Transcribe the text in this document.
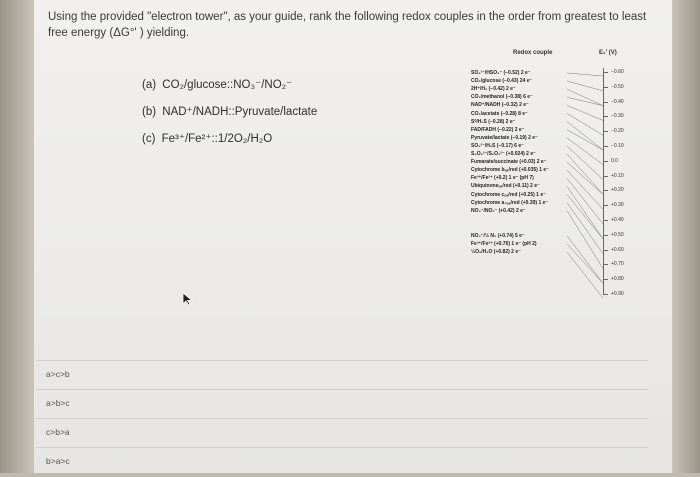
Using the provided "electron tower", as your guide, rank the following redox couples in the order from greatest to least free energy (ΔG°' ) yielding.

(a) CO₂/glucose::NO₃⁻/NO₂⁻
(b) NAD⁺/NADH::Pyruvate/lactate
(c) Fe³⁺/Fe²⁺::1/2O₂/H₂O
Redox couple	E₀' (V)
SO₄²⁻/HSO₃⁻ (−0.52) 2 e⁻
CO₂/glucose (−0.43) 24 e⁻
2H⁺/H₂ (−0.42) 2 e⁻
CO₂/methanol (−0.38) 6 e⁻
NAD⁺/NADH (−0.32) 2 e⁻
CO₂/acetate (−0.28) 8 e⁻
S⁰/H₂S (−0.28) 2 e⁻
FAD/FADH (−0.22) 2 e⁻
Pyruvate/lactate (−0.19) 2 e⁻
SO₃²⁻/H₂S (−0.17) 6 e⁻
S₄O₆²⁻/S₂O₃²⁻ (+0.024) 2 e⁻
Fumarate/succinate (+0.03) 2 e⁻
Cytochrome bₒₓ/red (+0.035) 1 e⁻
Fe³⁺/Fe²⁺ (+0.2) 1 e⁻ (pH 7)
Ubiquinoneₒₓ/red (+0.11) 2 e⁻
Cytochrome cₒₓ/red (+0.25) 1 e⁻
Cytochrome a₃ₒₓ/red (+0.39) 1 e⁻
NO₃⁻/NO₂⁻ (+0.42) 2 e⁻
NO₃⁻/½ N₂ (+0.74) 5 e⁻
Fe³⁺/Fe²⁺ (+0.76) 1 e⁻ (pH 2)
½O₂/H₂O (+0.82) 2 e⁻
−0.60
−0.50
−0.40
−0.30
−0.20
−0.10
0.0
+0.10
+0.20
+0.30
+0.40
+0.50
+0.60
+0.70
+0.80
+0.90
a>c>b
a>b>c
c>b>a
b>a>c
